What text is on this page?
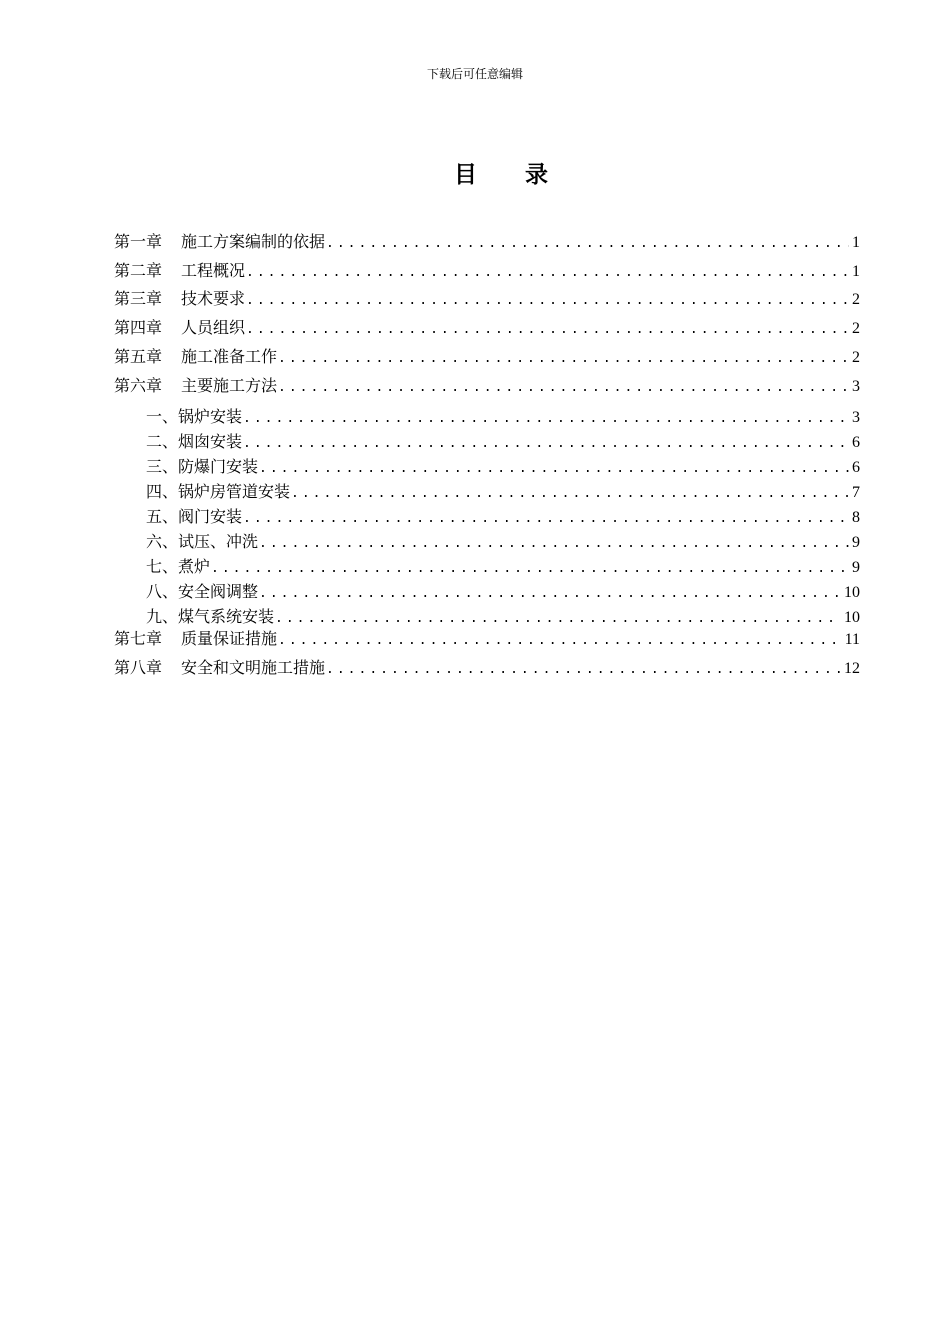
下载后可任意编辑
目 录
第一章 施工方案编制的依据 .....	1
第二章 工程概况 .....	1
第三章 技术要求 .....	2
第四章 人员组织 .....	2
第五章 施工准备工作 .....	2
第六章 主要施工方法 .....	3
一、锅炉安装 .....	3
二、烟囱安装 .....	6
三、防爆门安装 .....	6
四、锅炉房管道安装 .....	7
五、阀门安装 .....	8
六、试压、冲洗 .....	9
七、煮炉 .....	9
八、安全阀调整 .....	10
九、煤气系统安装 .....	10
第七章 质量保证措施 .....	11
第八章 安全和文明施工措施 .....	12
